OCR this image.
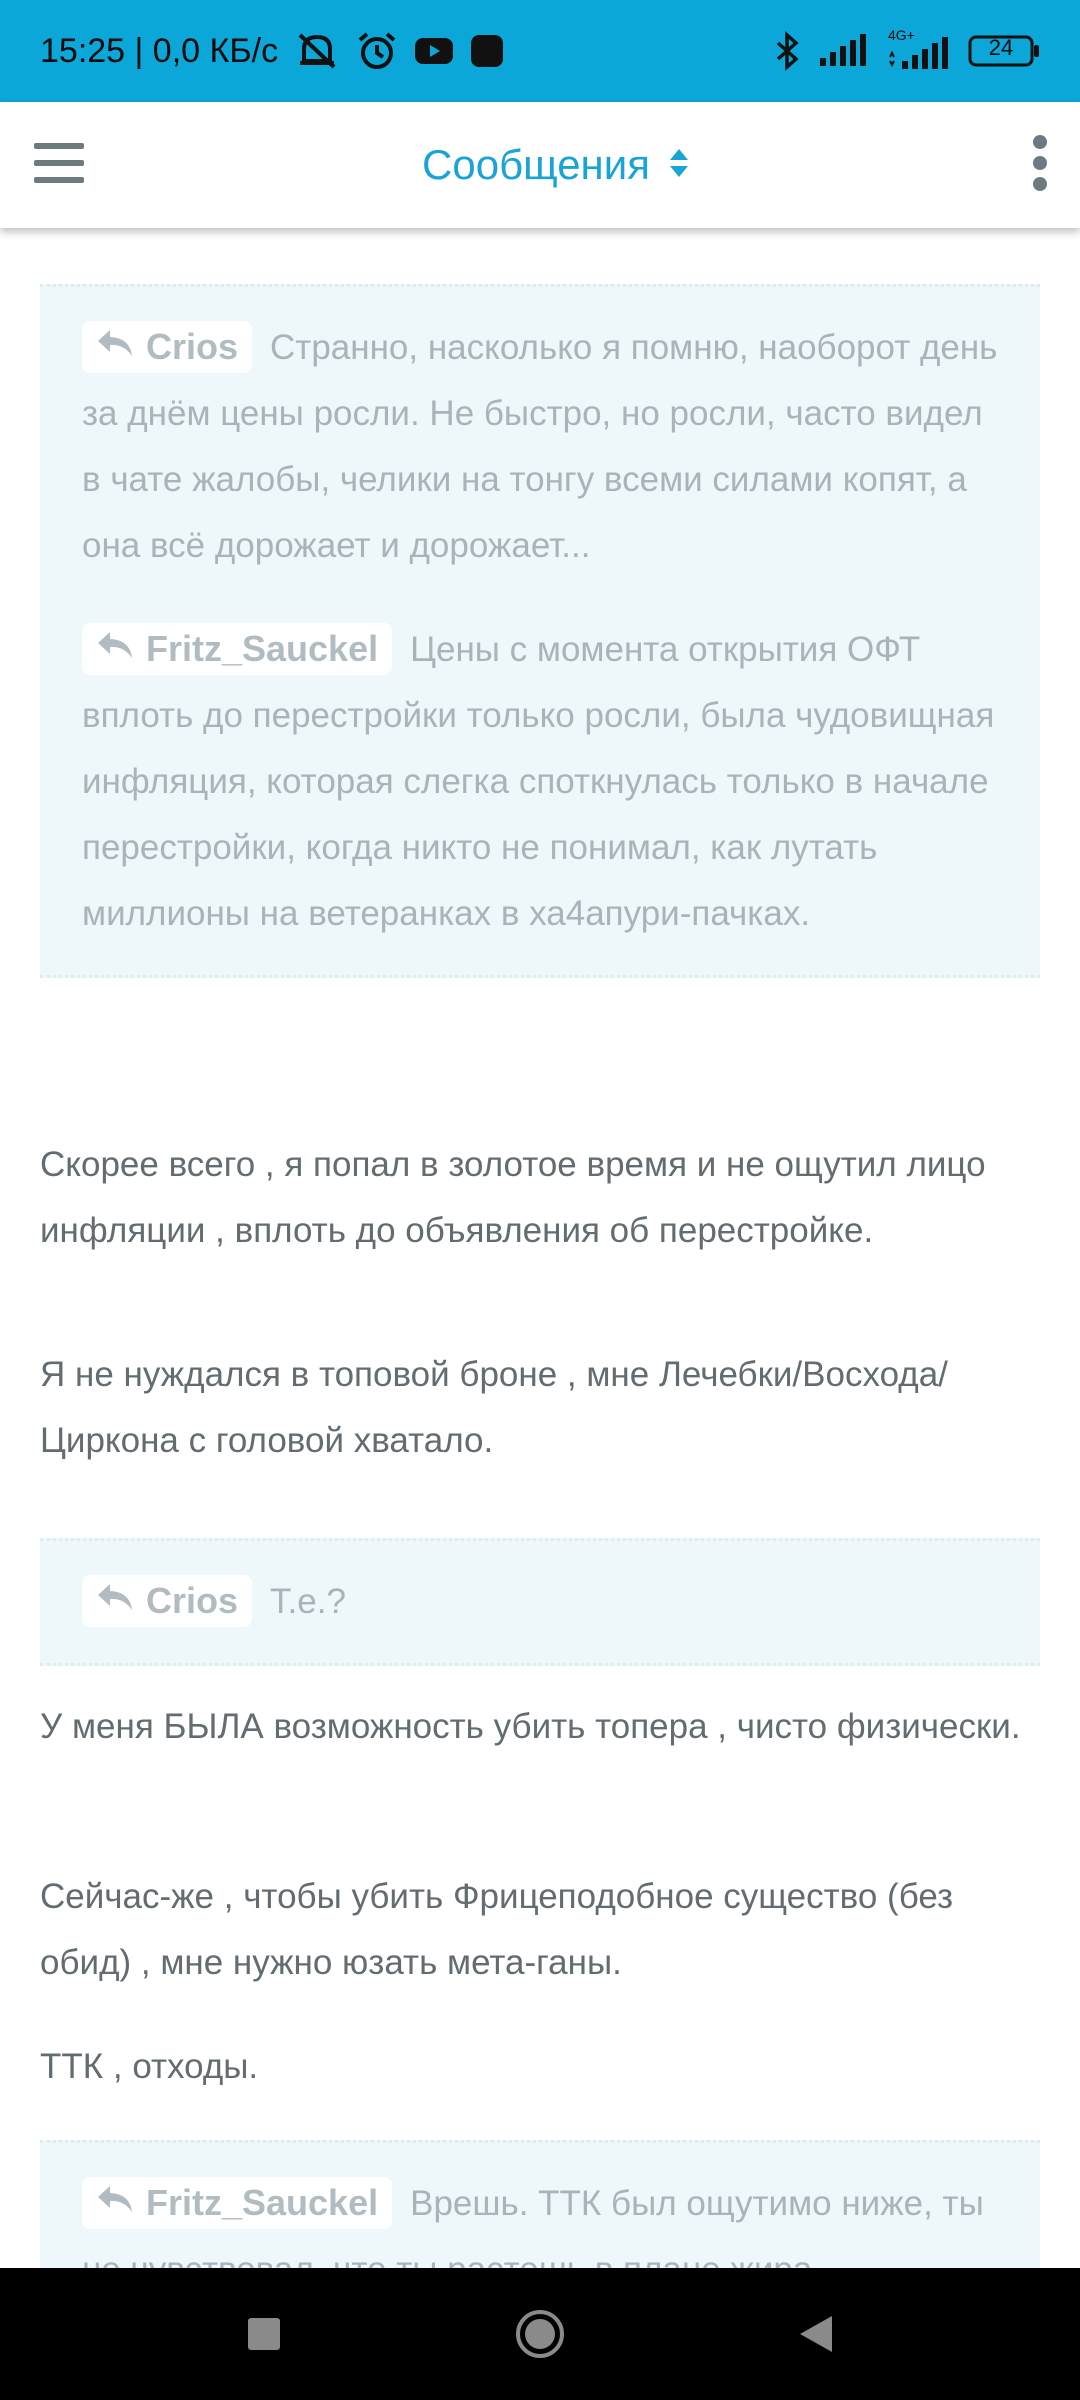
15:25 | 0,0 КБ/с	4G+	24
Сообщения

Crios Странно, насколько я помню, наоборот день за днём цены росли. Не быстро, но росли, часто видел в чате жалобы, челики на тонгу всеми силами копят, а она всё дорожает и дорожает...

Fritz_Sauckel Цены с момента открытия ОФТ вплоть до перестройки только росли, была чудовищная инфляция, которая слегка споткнулась только в начале перестройки, когда никто не понимал, как лутать миллионы на ветеранках в ха4апури-пачках.

Скорее всего , я попал в золотое время и не ощутил лицо инфляции , вплоть до объявления об перестройке.

Я не нуждался в топовой броне , мне Лечебки/Восхода/Циркона с головой хватало.

Crios Т.е.?

У меня БЫЛА возможность убить топера , чисто физически.

Сейчас-же , чтобы убить Фрицеподобное существо (без обид) , мне нужно юзать мета-ганы.

ТТК , отходы.

Fritz_Sauckel Врешь. ТТК был ощутимо ниже, ты
